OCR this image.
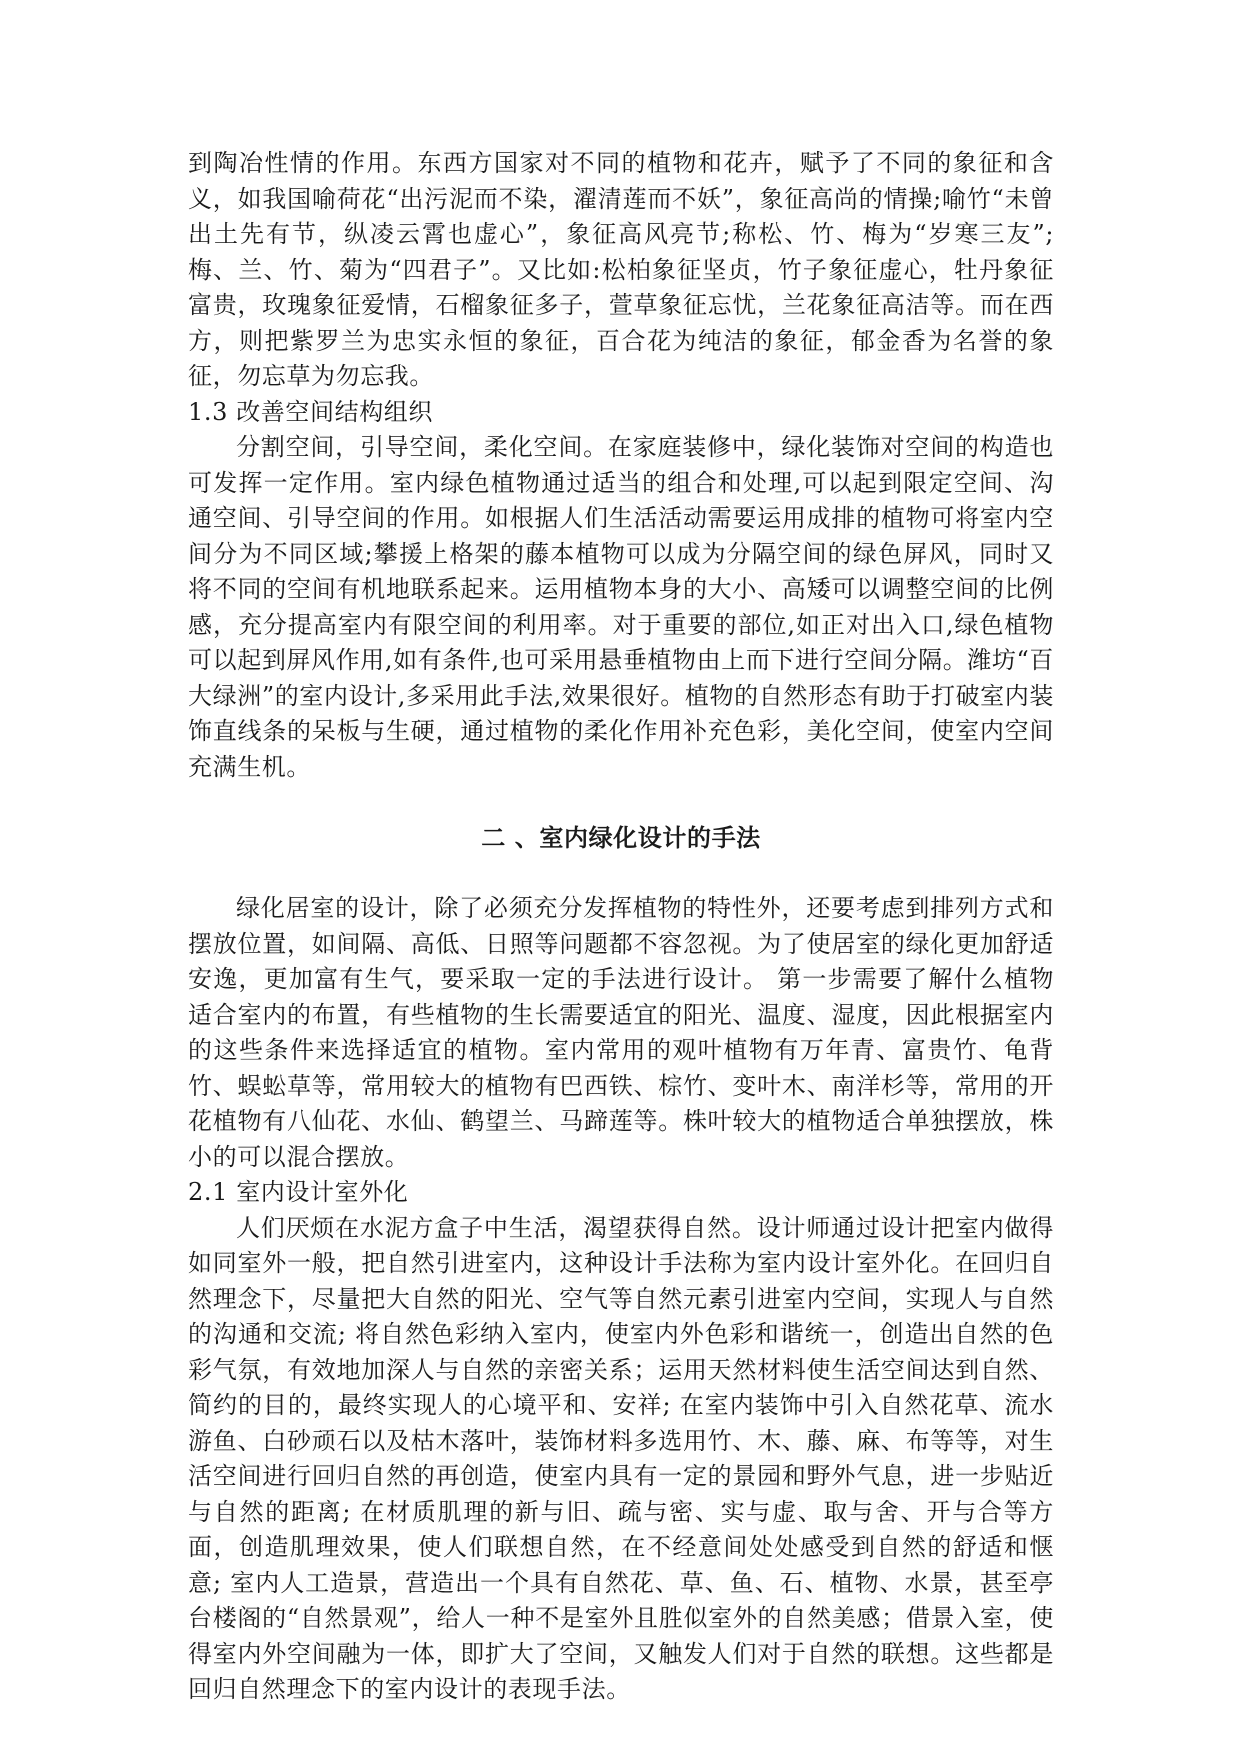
到陶冶性情的作用。东西方国家对不同的植物和花卉，赋予了不同的象征和含义，如我国喻荷花“出污泥而不染，濯清莲而不妖”，象征高尚的情操;喻竹“未曾出土先有节，纵凌云霄也虚心”，象征高风亮节;称松、竹、梅为“岁寒三友”;梅、兰、竹、菊为“四君子”。又比如:松柏象征坚贞，竹子象征虚心，牡丹象征富贵，玫瑰象征爱情，石榴象征多子，萱草象征忘忧，兰花象征高洁等。而在西方，则把紫罗兰为忠实永恒的象征，百合花为纯洁的象征，郁金香为名誉的象征，勿忘草为勿忘我。

1.3 改善空间结构组织

分割空间，引导空间，柔化空间。在家庭装修中，绿化装饰对空间的构造也可发挥一定作用。室内绿色植物通过适当的组合和处理,可以起到限定空间、沟通空间、引导空间的作用。如根据人们生活活动需要运用成排的植物可将室内空间分为不同区域;攀援上格架的藤本植物可以成为分隔空间的绿色屏风，同时又将不同的空间有机地联系起来。运用植物本身的大小、高矮可以调整空间的比例感，充分提高室内有限空间的利用率。对于重要的部位,如正对出入口,绿色植物可以起到屏风作用,如有条件,也可采用悬垂植物由上而下进行空间分隔。潍坊“百大绿洲”的室内设计,多采用此手法,效果很好。植物的自然形态有助于打破室内装饰直线条的呆板与生硬，通过植物的柔化作用补充色彩，美化空间，使室内空间充满生机。

二 、室内绿化设计的手法

绿化居室的设计，除了必须充分发挥植物的特性外，还要考虑到排列方式和摆放位置，如间隔、高低、日照等问题都不容忽视。为了使居室的绿化更加舒适安逸，更加富有生气，要采取一定的手法进行设计。 第一步需要了解什么植物适合室内的布置，有些植物的生长需要适宜的阳光、温度、湿度，因此根据室内的这些条件来选择适宜的植物。室内常用的观叶植物有万年青、富贵竹、龟背竹、蜈蚣草等，常用较大的植物有巴西铁、棕竹、变叶木、南洋杉等，常用的开花植物有八仙花、水仙、鹤望兰、马蹄莲等。株叶较大的植物适合单独摆放，株小的可以混合摆放。

2.1 室内设计室外化

人们厌烦在水泥方盒子中生活，渴望获得自然。设计师通过设计把室内做得如同室外一般，把自然引进室内，这种设计手法称为室内设计室外化。在回归自然理念下，尽量把大自然的阳光、空气等自然元素引进室内空间，实现人与自然的沟通和交流; 将自然色彩纳入室内，使室内外色彩和谐统一，创造出自然的色彩气氛，有效地加深人与自然的亲密关系；运用天然材料使生活空间达到自然、简约的目的，最终实现人的心境平和、安祥; 在室内装饰中引入自然花草、流水游鱼、白砂顽石以及枯木落叶，装饰材料多选用竹、木、藤、麻、布等等，对生活空间进行回归自然的再创造，使室内具有一定的景园和野外气息，进一步贴近与自然的距离; 在材质肌理的新与旧、疏与密、实与虚、取与舍、开与合等方面，创造肌理效果，使人们联想自然，在不经意间处处感受到自然的舒适和惬意; 室内人工造景，营造出一个具有自然花、草、鱼、石、植物、水景，甚至亭台楼阁的“自然景观”，给人一种不是室外且胜似室外的自然美感；借景入室，使得室内外空间融为一体，即扩大了空间，又触发人们对于自然的联想。这些都是回归自然理念下的室内设计的表现手法。
